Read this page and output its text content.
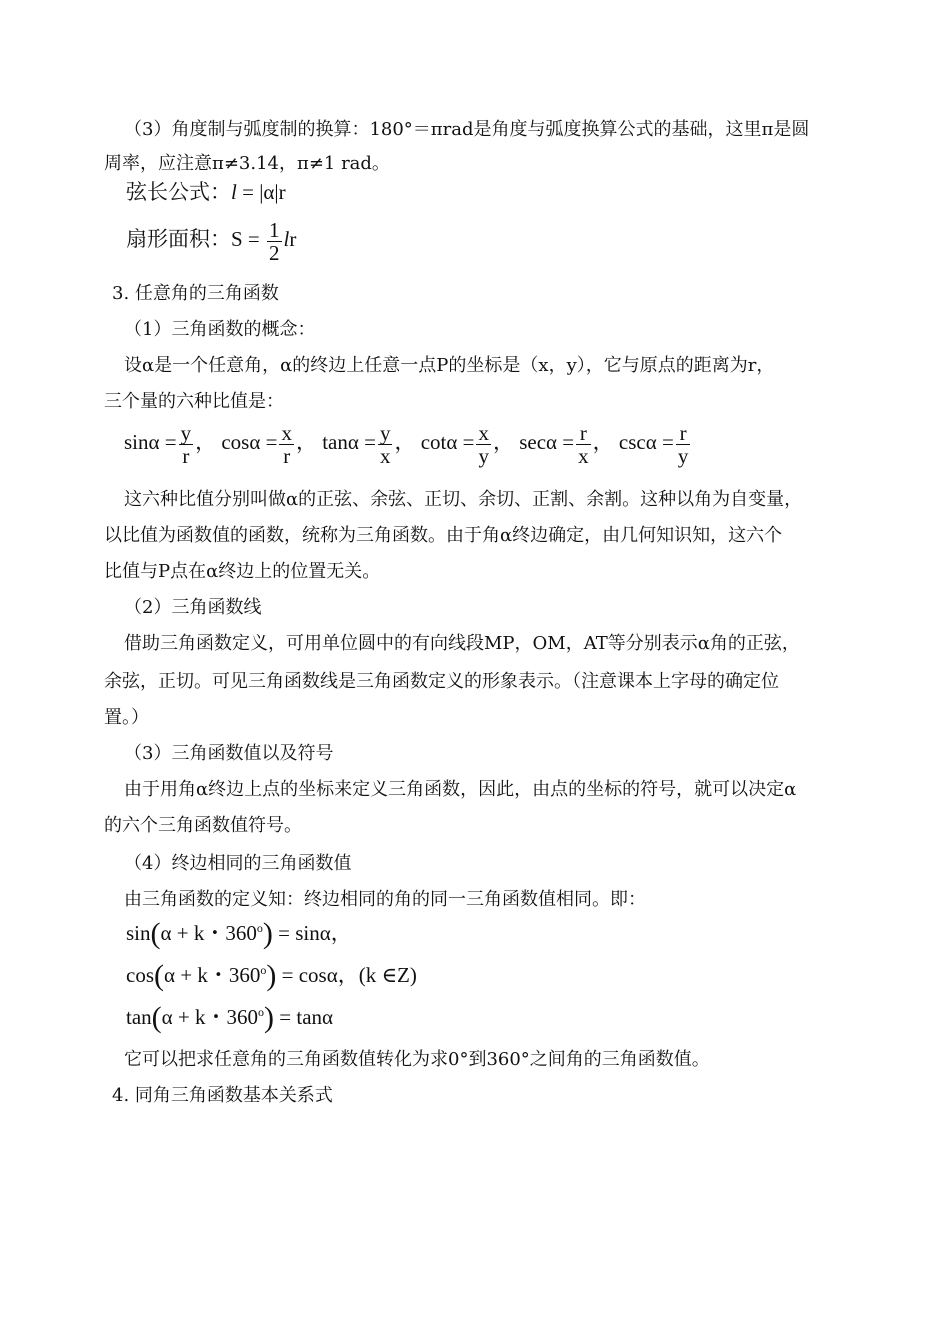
（3）角度制与弧度制的换算：180°＝πrad是角度与弧度换算公式的基础，这里π是圆
周率，应注意π≠3.14，π≠1 rad。
弦长公式：l = |α|r
扇形面积：$S = \frac{1}{2}$ lr
3. 任意角的三角函数
（1）三角函数的概念：
设α是一个任意角，α的终边上任意一点P的坐标是（x，y），它与原点的距离为r，
三个量的六种比值是：
$\sin\alpha = \frac{y}{r}$ ， $\cos\alpha = \frac{x}{r}$ ， $\tan\alpha = \frac{y}{x}$ ， $\cot\alpha = \frac{x}{y}$ ， $\sec\alpha = \frac{r}{x}$ ， $\csc\alpha = \frac{r}{y}$
这六种比值分别叫做α的正弦、余弦、正切、余切、正割、余割。这种以角为自变量，
以比值为函数值的函数，统称为三角函数。由于角α终边确定，由几何知识知，这六个
比值与P点在α终边上的位置无关。
（2）三角函数线
借助三角函数定义，可用单位圆中的有向线段MP，OM，AT等分别表示α角的正弦，
余弦，正切。可见三角函数线是三角函数定义的形象表示。（注意课本上字母的确定位
置。）
（3）三角函数值以及符号
由于用角α终边上点的坐标来定义三角函数，因此，由点的坐标的符号，就可以决定α
的六个三角函数值符号。
（4）终边相同的三角函数值
由三角函数的定义知：终边相同的角的同一三角函数值相同。即：
sin(α + k・$360^o) = \sin\alpha$，
cos(α + k・$360^o) = \cos\alpha$，(k ∈Z)
tan(α + k・$360^o) = \tan\alpha$
它可以把求任意角的三角函数值转化为求0°到360°之间角的三角函数值。
4. 同角三角函数基本关系式
